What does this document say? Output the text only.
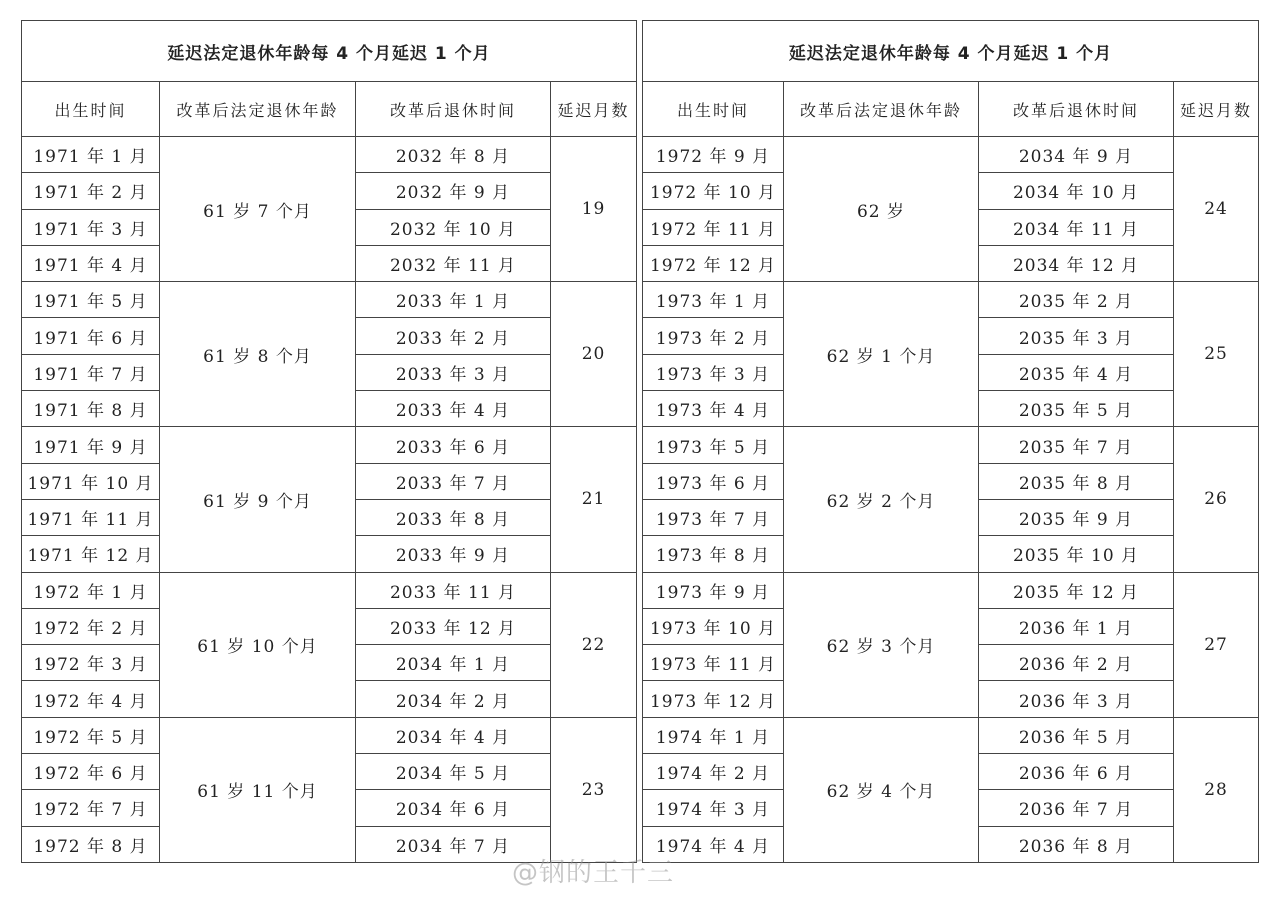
延迟法定退休年龄每 4 个月延迟 1 个月			
出生时间	改革后法定退休年龄	改革后退休时间	延迟月数
1971 年 1 月	61 岁 7 个月	2032 年 8 月	19
1971 年 2 月		2032 年 9 月	
1971 年 3 月		2032 年 10 月	
1971 年 4 月		2032 年 11 月	
1971 年 5 月	61 岁 8 个月	2033 年 1 月	20
1971 年 6 月		2033 年 2 月	
1971 年 7 月		2033 年 3 月	
1971 年 8 月		2033 年 4 月	
1971 年 9 月	61 岁 9 个月	2033 年 6 月	21
1971 年 10 月		2033 年 7 月	
1971 年 11 月		2033 年 8 月	
1971 年 12 月		2033 年 9 月	
1972 年 1 月	61 岁 10 个月	2033 年 11 月	22
1972 年 2 月		2033 年 12 月	
1972 年 3 月		2034 年 1 月	
1972 年 4 月		2034 年 2 月	
1972 年 5 月	61 岁 11 个月	2034 年 4 月	23
1972 年 6 月		2034 年 5 月	
1972 年 7 月		2034 年 6 月	
1972 年 8 月		2034 年 7 月	
延迟法定退休年龄每 4 个月延迟 1 个月			
出生时间	改革后法定退休年龄	改革后退休时间	延迟月数
1972 年 9 月	62 岁	2034 年 9 月	24
1972 年 10 月		2034 年 10 月	
1972 年 11 月		2034 年 11 月	
1972 年 12 月		2034 年 12 月	
1973 年 1 月	62 岁 1 个月	2035 年 2 月	25
1973 年 2 月		2035 年 3 月	
1973 年 3 月		2035 年 4 月	
1973 年 4 月		2035 年 5 月	
1973 年 5 月	62 岁 2 个月	2035 年 7 月	26
1973 年 6 月		2035 年 8 月	
1973 年 7 月		2035 年 9 月	
1973 年 8 月		2035 年 10 月	
1973 年 9 月	62 岁 3 个月	2035 年 12 月	27
1973 年 10 月		2036 年 1 月	
1973 年 11 月		2036 年 2 月	
1973 年 12 月		2036 年 3 月	
1974 年 1 月	62 岁 4 个月	2036 年 5 月	28
1974 年 2 月		2036 年 6 月	
1974 年 3 月		2036 年 7 月	
1974 年 4 月		2036 年 8 月	
@钢的王千三
